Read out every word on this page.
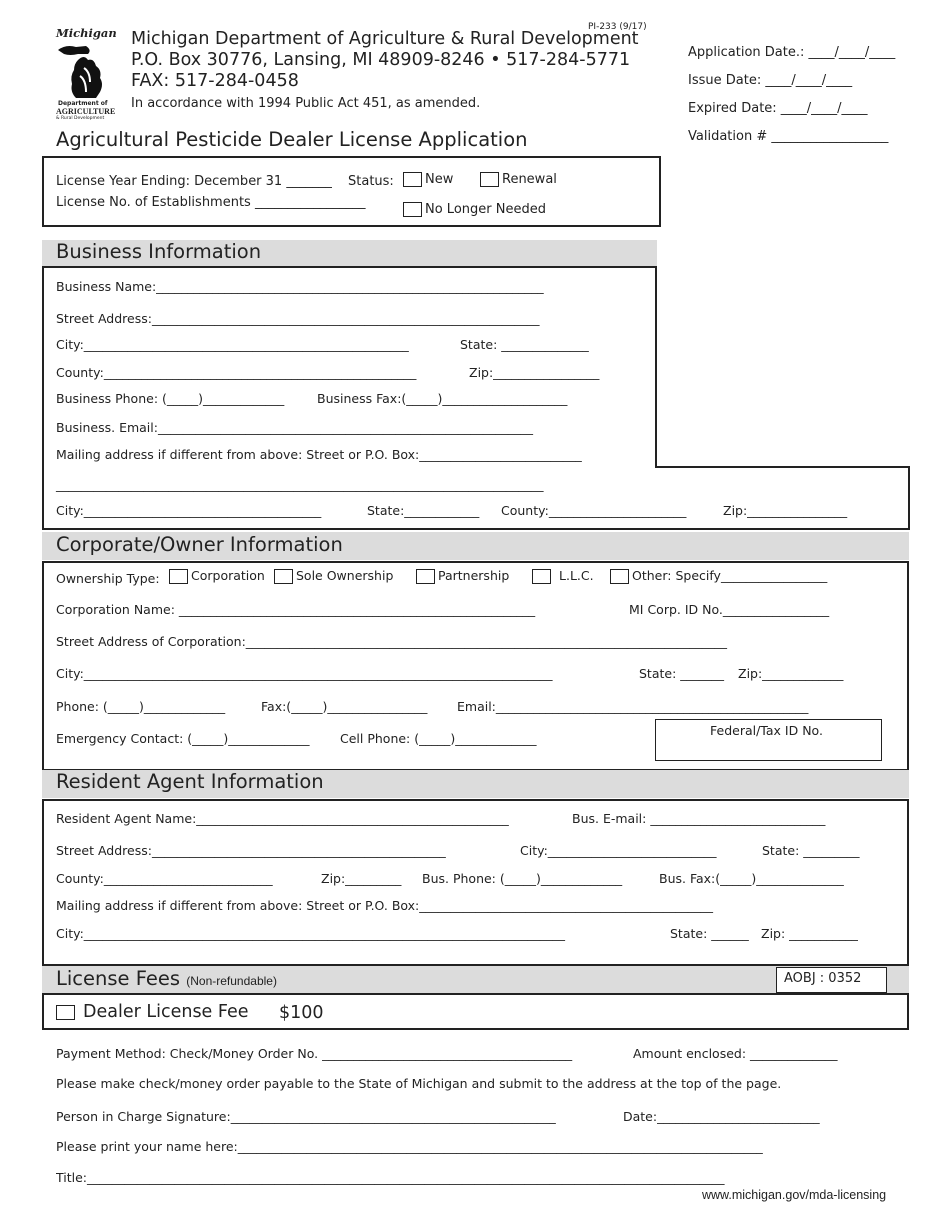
Michigan
Department of
AGRICULTURE
& Rural Development
PI-233 (9/17)
Michigan Department of Agriculture & Rural Development
P.O. Box 30776, Lansing, MI 48909-8246 • 517-284-5771
FAX: 517-284-0458
In accordance with 1994 Public Act 451, as amended.
Agricultural Pesticide Dealer License Application
Application Date.: ____/____/____
Issue Date: ____/____/____
Expired Date: ____/____/____
Validation # __________________
License Year Ending: December 31 _______ Status:	New	Renewal
License No. of Establishments _________________	No Longer Needed
Business Information
Business Name:______________________________________________________________
Street Address:______________________________________________________________
City:____________________________________________________	State: ______________
County:__________________________________________________	Zip:_________________
Business Phone: (_____)_____________	Business Fax:(_____)____________________
Business. Email:____________________________________________________________
Mailing address if different from above: Street or P.O. Box:__________________________
______________________________________________________________________________
City:______________________________________	State:____________ County:______________________	Zip:________________
Corporate/Owner Information
Ownership Type:	Corporation	Sole Ownership	Partnership	L.L.C.	Other: Specify_________________
Corporation Name: _________________________________________________________	MI Corp. ID No._________________
Street Address of Corporation:_____________________________________________________________________________
City:___________________________________________________________________________	State: _______ Zip:_____________
Phone: (_____)_____________	Fax:(_____)________________ Email:__________________________________________________
Emergency Contact: (_____)_____________ Cell Phone: (_____)_____________
Federal/Tax ID No.
Resident Agent Information
Resident Agent Name:__________________________________________________	Bus. E-mail: ____________________________
Street Address:_______________________________________________	City:___________________________	State: _________
County:___________________________	Zip:_________ Bus. Phone: (_____)_____________	Bus. Fax:(_____)______________
Mailing address if different from above: Street or P.O. Box:_______________________________________________
City:_____________________________________________________________________________	State: ______ Zip: ___________
License Fees (Non-refundable)	AOBJ : 0352
Dealer License Fee $100
Payment Method: Check/Money Order No. ________________________________________	Amount enclosed: ______________
Please make check/money order payable to the State of Michigan and submit to the address at the top of the page.
Person in Charge Signature:____________________________________________________	Date:__________________________
Please print your name here:____________________________________________________________________________________
Title:______________________________________________________________________________________________________
www.michigan.gov/mda-licensing
